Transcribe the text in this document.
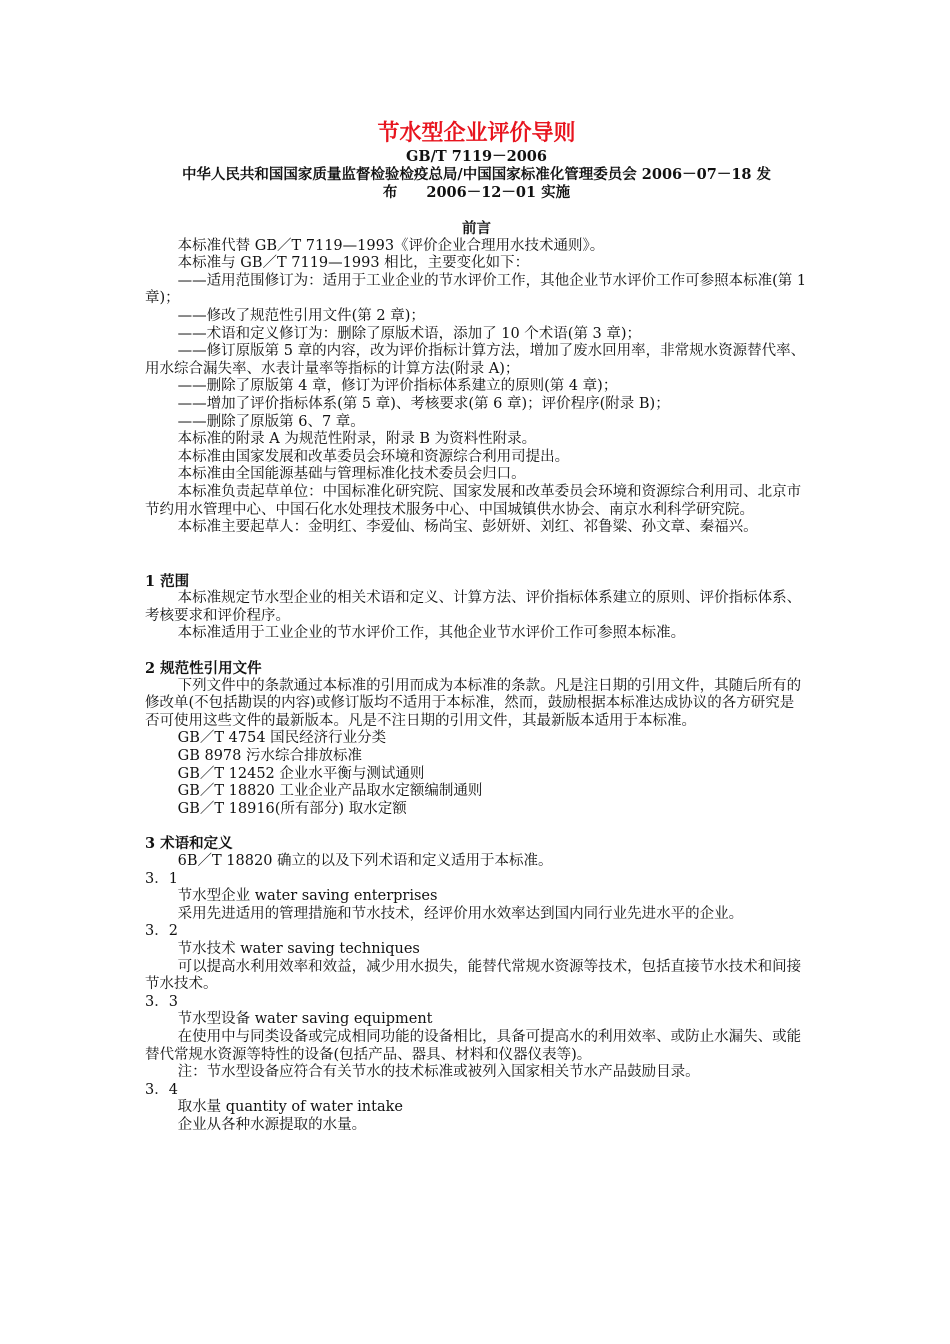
节水型企业评价导则

GB/T 7119－2006

中华人民共和国国家质量监督检验检疫总局/中国国家标准化管理委员会 2006－07－18 发
布　　2006－12－01 实施

前言

本标准代替 GB／T 7119—1993《评价企业合理用水技术通则》。

本标准与 GB／T 7119—1993 相比，主要变化如下：

——适用范围修订为：适用于工业企业的节水评价工作，其他企业节水评价工作可参照本标准(第 1 章)；

——修改了规范性引用文件(第 2 章)；

——术语和定义修订为：删除了原版术语，添加了 10 个术语(第 3 章)；

——修订原版第 5 章的内容，改为评价指标计算方法，增加了废水回用率，非常规水资源替代率、用水综合漏失率、水表计量率等指标的计算方法(附录 A)；

——删除了原版第 4 章，修订为评价指标体系建立的原则(第 4 章)；

——增加了评价指标体系(第 5 章)、考核要求(第 6 章)；评价程序(附录 B)；

——删除了原版第 6、7 章。

本标准的附录 A 为规范性附录，附录 B 为资料性附录。

本标准由国家发展和改革委员会环境和资源综合利用司提出。

本标准由全国能源基础与管理标准化技术委员会归口。

本标准负责起草单位：中国标准化研究院、国家发展和改革委员会环境和资源综合利用司、北京市节约用水管理中心、中国石化水处理技术服务中心、中国城镇供水协会、南京水利科学研究院。

本标准主要起草人：金明红、李爱仙、杨尚宝、彭妍妍、刘红、祁鲁粱、孙文章、秦福兴。

1 范围

本标准规定节水型企业的相关术语和定义、计算方法、评价指标体系建立的原则、评价指标体系、考核要求和评价程序。

本标准适用于工业企业的节水评价工作，其他企业节水评价工作可参照本标准。

2 规范性引用文件

下列文件中的条款通过本标准的引用而成为本标准的条款。凡是注日期的引用文件，其随后所有的修改单(不包括勘误的内容)或修订版均不适用于本标准，然而，鼓励根据本标准达成协议的各方研究是否可使用这些文件的最新版本。凡是不注日期的引用文件，其最新版本适用于本标准。

GB／T 4754 国民经济行业分类

GB 8978 污水综合排放标准

GB／T 12452 企业水平衡与测试通则

GB／T 18820 工业企业产品取水定额编制通则

GB／T 18916(所有部分) 取水定额

3 术语和定义

6B／T 18820 确立的以及下列术语和定义适用于本标准。

3．1

节水型企业 water saving enterprises

采用先进适用的管理措施和节水技术，经评价用水效率达到国内同行业先进水平的企业。

3．2

节水技术 water saving techniques

可以提高水利用效率和效益，减少用水损失，能替代常规水资源等技术，包括直接节水技术和间接节水技术。

3．3

节水型设备 water saving equipment

在使用中与同类设备或完成相同功能的设备相比，具备可提高水的利用效率、或防止水漏失、或能替代常规水资源等特性的设备(包括产品、器具、材料和仪器仪表等)。

注：节水型设备应符合有关节水的技术标准或被列入国家相关节水产品鼓励目录。

3．4

取水量 quantity of water intake

企业从各种水源提取的水量。
